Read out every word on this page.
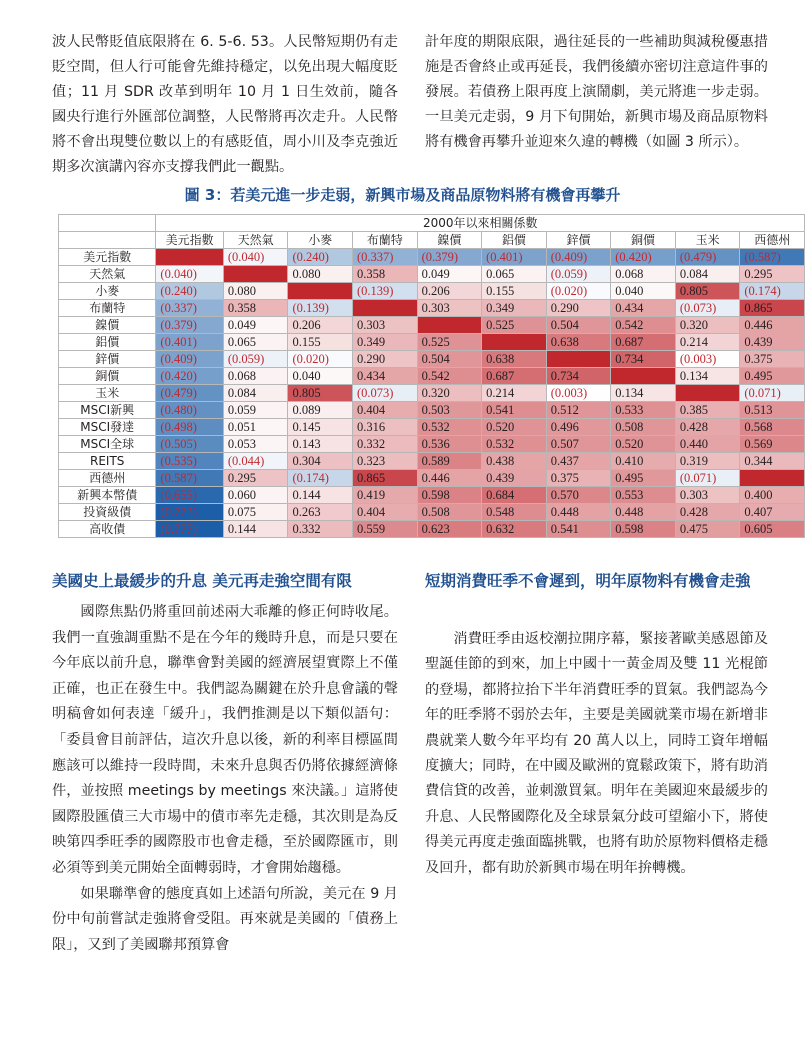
波人民幣貶值底限將在 6. 5-6. 53。人民幣短期仍有走貶空間，但人行可能會先維持穩定，以免出現大幅度貶值；11 月 SDR 改革到明年 10 月 1 日生效前，隨各國央行進行外匯部位調整，人民幣將再次走升。人民幣將不會出現雙位數以上的有感貶值，周小川及李克強近期多次演講內容亦支撐我們此一觀點。

計年度的期限底限，過往延長的一些補助與減稅優惠措施是否會終止或再延長，我們後續亦密切注意這件事的發展。若債務上限再度上演鬧劇，美元將進一步走弱。一旦美元走弱，9 月下旬開始，新興市場及商品原物料將有機會再攀升並迎來久違的轉機（如圖 3 所示）。

圖 3：若美元進一步走弱，新興市場及商品原物料將有機會再攀升
	2000年以來相關係數									
	美元指數	天然氣	小麥	布蘭特	鎳價	鋁價	鋅價	銅價	玉米	西德州
美元指數	1.000	(0.040)	(0.240)	(0.337)	(0.379)	(0.401)	(0.409)	(0.420)	(0.479)	(0.587)
天然氣	(0.040)	1.000	0.080	0.358	0.049	0.065	(0.059)	0.068	0.084	0.295
小麥	(0.240)	0.080	1.000	(0.139)	0.206	0.155	(0.020)	0.040	0.805	(0.174)
布蘭特	(0.337)	0.358	(0.139)	1.000	0.303	0.349	0.290	0.434	(0.073)	0.865
鎳價	(0.379)	0.049	0.206	0.303	1.000	0.525	0.504	0.542	0.320	0.446
鋁價	(0.401)	0.065	0.155	0.349	0.525	1.000	0.638	0.687	0.214	0.439
鋅價	(0.409)	(0.059)	(0.020)	0.290	0.504	0.638	1.000	0.734	(0.003)	0.375
銅價	(0.420)	0.068	0.040	0.434	0.542	0.687	0.734	1.000	0.134	0.495
玉米	(0.479)	0.084	0.805	(0.073)	0.320	0.214	(0.003)	0.134	1.000	(0.071)
MSCI新興	(0.480)	0.059	0.089	0.404	0.503	0.541	0.512	0.533	0.385	0.513
MSCI發達	(0.498)	0.051	0.145	0.316	0.532	0.520	0.496	0.508	0.428	0.568
MSCI全球	(0.505)	0.053	0.143	0.332	0.536	0.532	0.507	0.520	0.440	0.569
REITS	(0.535)	(0.044)	0.304	0.323	0.589	0.438	0.437	0.410	0.319	0.344
西德州	(0.587)	0.295	(0.174)	0.865	0.446	0.439	0.375	0.495	(0.071)	1.000
新興本幣債	(0.655)	0.060	0.144	0.419	0.598	0.684	0.570	0.553	0.303	0.400
投資級債	(0.773)	0.075	0.263	0.404	0.508	0.548	0.448	0.448	0.428	0.407
高收債	(0.777)	0.144	0.332	0.559	0.623	0.632	0.541	0.598	0.475	0.605
美國史上最緩步的升息 美元再走強空間有限

國際焦點仍將重回前述兩大乖離的修正何時收尾。我們一直強調重點不是在今年的幾時升息，而是只要在今年底以前升息，聯準會對美國的經濟展望實際上不僅正確，也正在發生中。我們認為關鍵在於升息會議的聲明稿會如何表達「緩升」，我們推測是以下類似語句：「委員會目前評估，這次升息以後，新的利率目標區間應該可以維持一段時間，未來升息與否仍將依據經濟條件，並按照 meetings by meetings 來決議。」這將使國際股匯債三大市場中的債市率先走穩，其次則是為反映第四季旺季的國際股市也會走穩，至於國際匯市，則必須等到美元開始全面轉弱時，才會開始趨穩。

如果聯準會的態度真如上述語句所說，美元在 9 月份中旬前嘗試走強將會受阻。再來就是美國的「債務上限」，又到了美國聯邦預算會

短期消費旺季不會遲到，明年原物料有機會走強

消費旺季由返校潮拉開序幕，緊接著歐美感恩節及聖誕佳節的到來，加上中國十一黃金周及雙 11 光棍節的登場，都將拉抬下半年消費旺季的買氣。我們認為今年的旺季將不弱於去年，主要是美國就業市場在新增非農就業人數今年平均有 20 萬人以上，同時工資年增幅度擴大；同時，在中國及歐洲的寬鬆政策下，將有助消費信貸的改善，並刺激買氣。明年在美國迎來最緩步的升息、人民幣國際化及全球景氣分歧可望縮小下，將使得美元再度走強面臨挑戰，也將有助於原物料價格走穩及回升，都有助於新興市場在明年拚轉機。
